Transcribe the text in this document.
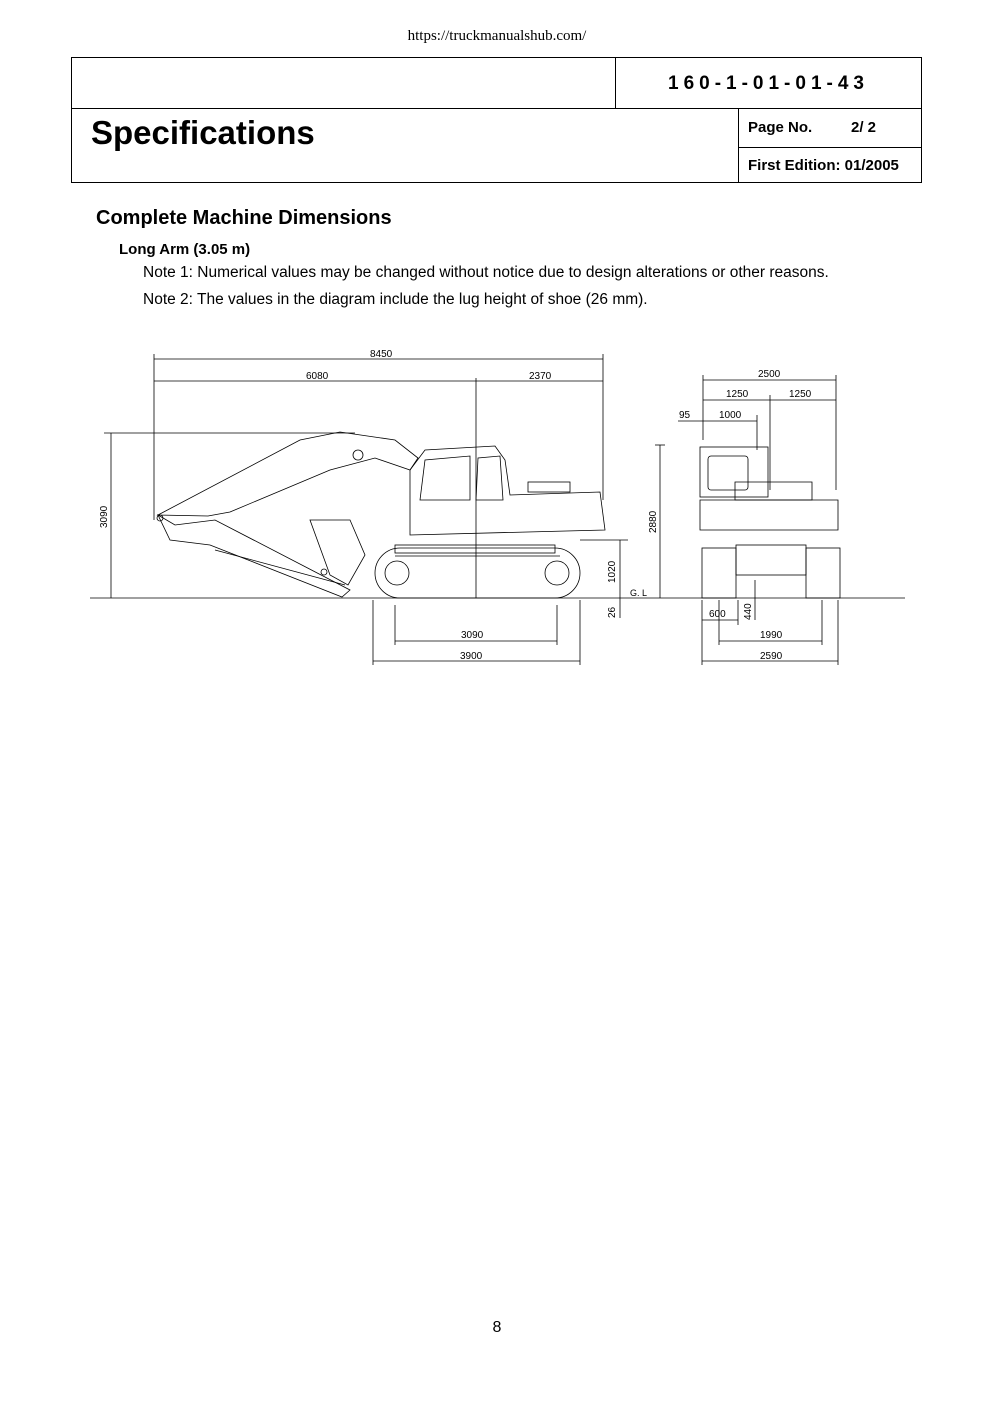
https://truckmanualshub.com/
160-1-01-01-43
Specifications	Page No.	2/ 2
First Edition: 01/2005
Complete Machine Dimensions
Long Arm (3.05 m)
Note 1: Numerical values may be changed without notice due to design alterations or other reasons.
Note 2: The values in the diagram include the lug height of shoe (26 mm).
8450
6080	2370
3090
1020
26
G. L
2880
3090
3900
2500
1250	1250
95	1000
440
600
1990
2590
8
